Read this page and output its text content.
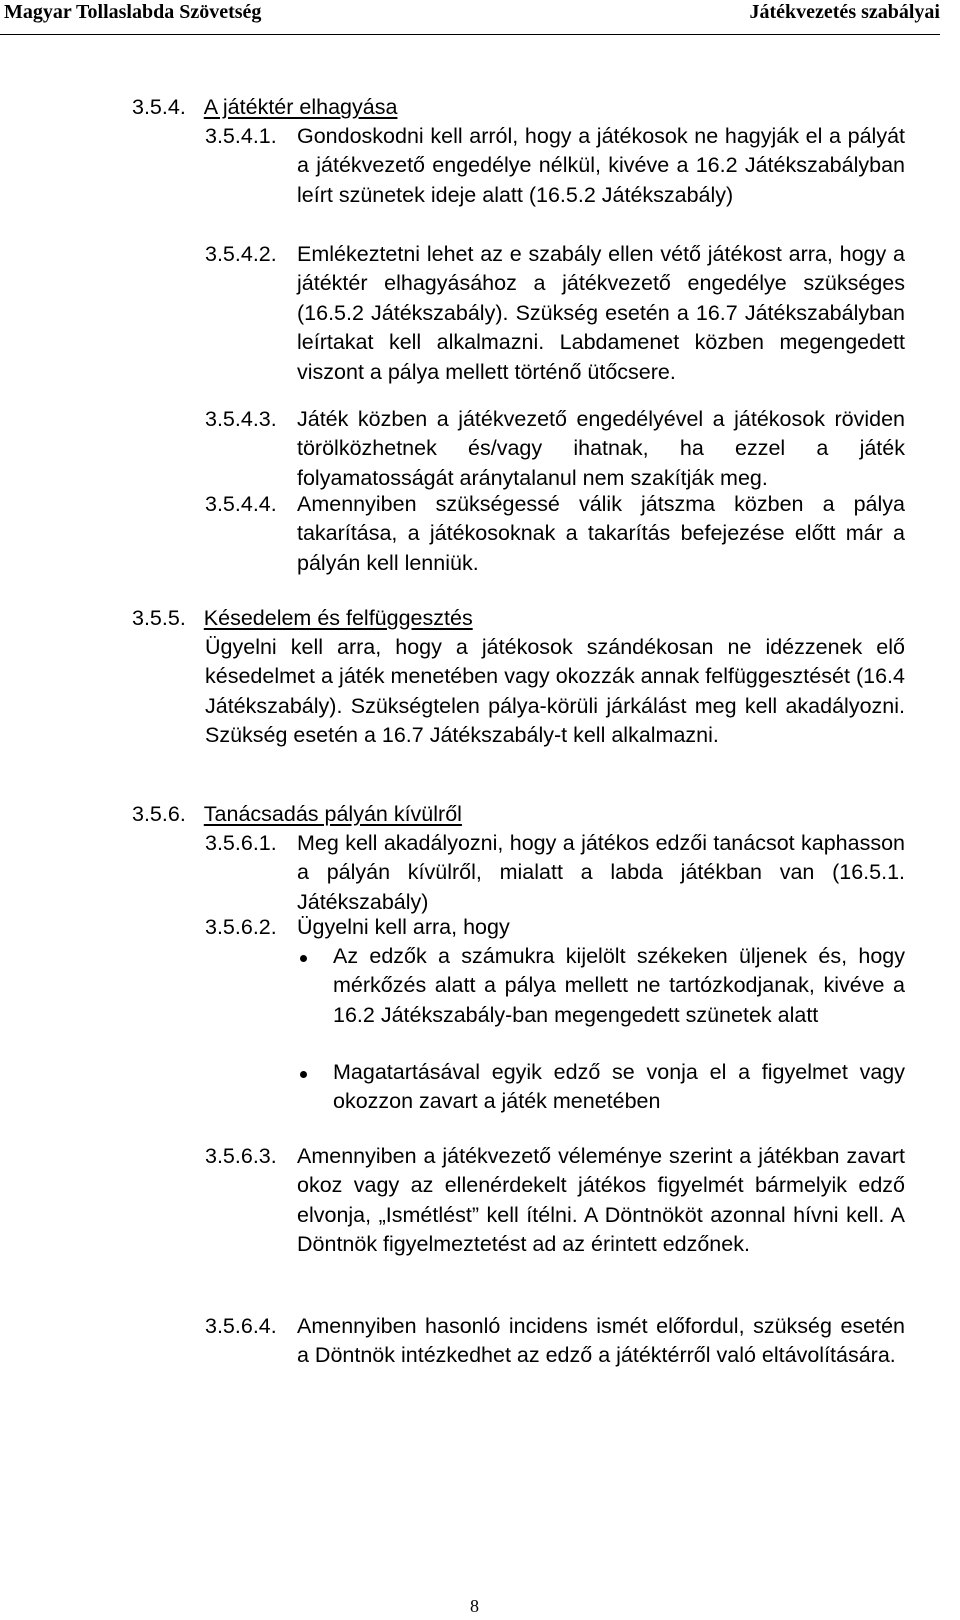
Magyar Tollaslabda Szövetség	Játékvezetés szabályai
3.5.4. A játéktér elhagyása
3.5.4.1. Gondoskodni kell arról, hogy a játékosok ne hagyják el a pályát a játékvezető engedélye nélkül, kivéve a 16.2 Játékszabályban leírt szünetek ideje alatt (16.5.2 Játékszabály)

3.5.4.2. Emlékeztetni lehet az e szabály ellen vétő játékost arra, hogy a játéktér elhagyásához a játékvezető engedélye szükséges (16.5.2 Játékszabály). Szükség esetén a 16.7 Játékszabályban leírtakat kell alkalmazni. Labdamenet közben megengedett viszont a pálya mellett történő ütőcsere.

3.5.4.3. Játék közben a játékvezető engedélyével a játékosok röviden törölközhetnek és/vagy ihatnak, ha ezzel a játék folyamatosságát aránytalanul nem szakítják meg.

3.5.4.4. Amennyiben szükségessé válik játszma közben a pálya takarítása, a játékosoknak a takarítás befejezése előtt már a pályán kell lenniük.

3.5.5. Késedelem és felfüggesztés

Ügyelni kell arra, hogy a játékosok szándékosan ne idézzenek elő késedelmet a játék menetében vagy okozzák annak felfüggesztését (16.4 Játékszabály). Szükségtelen pálya-körüli járkálást meg kell akadályozni. Szükség esetén a 16.7 Játékszabály-t kell alkalmazni.

3.5.6. Tanácsadás pályán kívülről
3.5.6.1. Meg kell akadályozni, hogy a játékos edzői tanácsot kaphasson a pályán kívülről, mialatt a labda játékban van (16.5.1. Játékszabály)

3.5.6.2. Ügyelni kell arra, hogy

Az edzők a számukra kijelölt székeken üljenek és, hogy mérkőzés alatt a pálya mellett ne tartózkodjanak, kivéve a 16.2 Játékszabály-ban megengedett szünetek alatt

Magatartásával egyik edző se vonja el a figyelmet vagy okozzon zavart a játék menetében

3.5.6.3. Amennyiben a játékvezető véleménye szerint a játékban zavart okoz vagy az ellenérdekelt játékos figyelmét bármelyik edző elvonja, „Ismétlést” kell ítélni. A Döntnököt azonnal hívni kell. A Döntnök figyelmeztetést ad az érintett edzőnek.

3.5.6.4. Amennyiben hasonló incidens ismét előfordul, szükség esetén a Döntnök intézkedhet az edző a játéktérről való eltávolítására.

8
